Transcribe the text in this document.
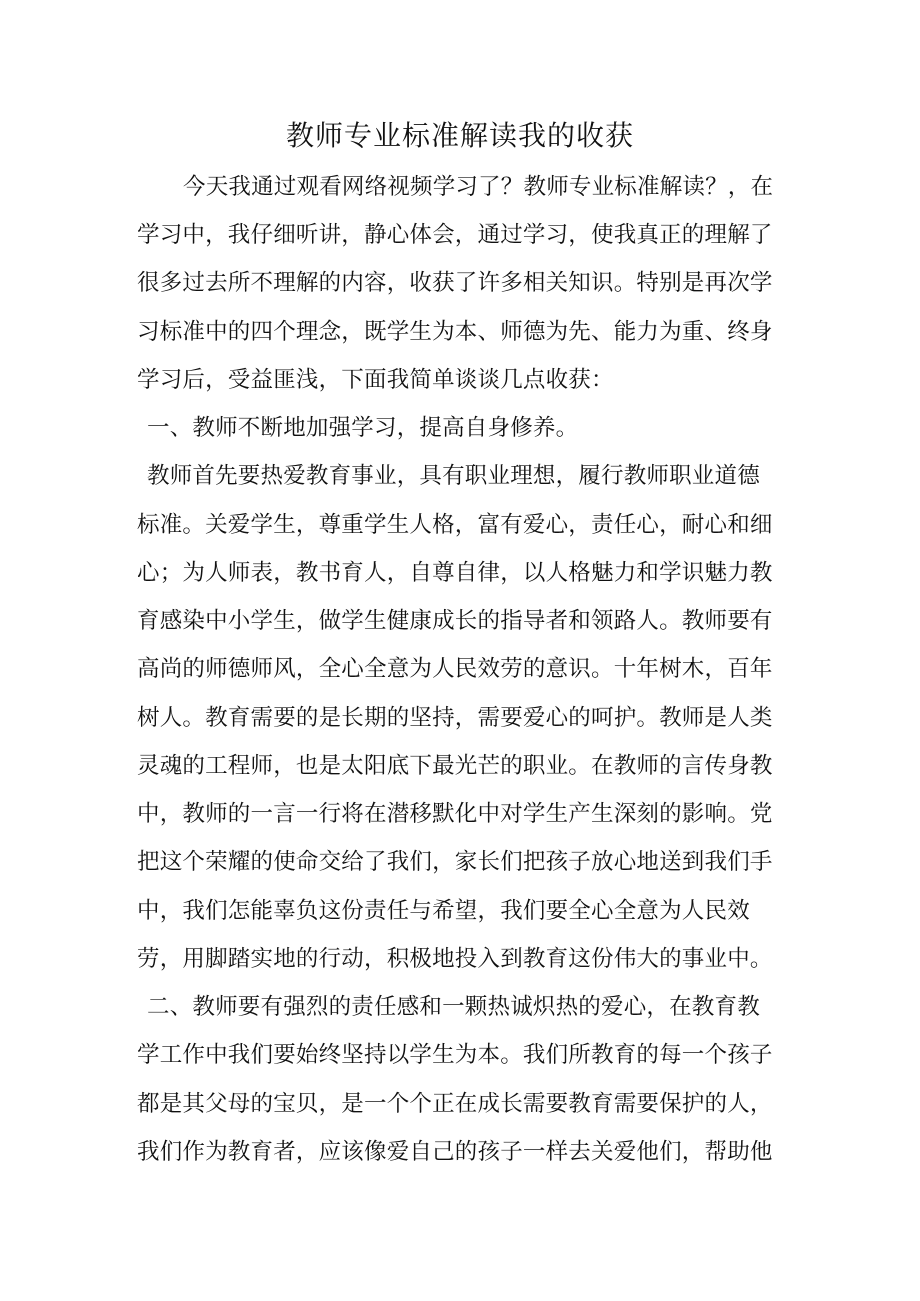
教师专业标准解读我的收获
今天我通过观看网络视频学习了？教师专业标准解读？，在
学习中，我仔细听讲，静心体会，通过学习，使我真正的理解了
很多过去所不理解的内容，收获了许多相关知识。特别是再次学
习标准中的四个理念，既学生为本、师德为先、能力为重、终身
学习后，受益匪浅，下面我简单谈谈几点收获：
一、教师不断地加强学习，提高自身修养。
教师首先要热爱教育事业，具有职业理想，履行教师职业道德
标准。关爱学生，尊重学生人格，富有爱心，责任心，耐心和细
心；为人师表，教书育人，自尊自律，以人格魅力和学识魅力教
育感染中小学生，做学生健康成长的指导者和领路人。教师要有
高尚的师德师风，全心全意为人民效劳的意识。十年树木，百年
树人。教育需要的是长期的坚持，需要爱心的呵护。教师是人类
灵魂的工程师，也是太阳底下最光芒的职业。在教师的言传身教
中，教师的一言一行将在潜移默化中对学生产生深刻的影响。党
把这个荣耀的使命交给了我们，家长们把孩子放心地送到我们手
中，我们怎能辜负这份责任与希望，我们要全心全意为人民效
劳，用脚踏实地的行动，积极地投入到教育这份伟大的事业中。
二、教师要有强烈的责任感和一颗热诚炽热的爱心，在教育教
学工作中我们要始终坚持以学生为本。我们所教育的每一个孩子
都是其父母的宝贝，是一个个正在成长需要教育需要保护的人，
我们作为教育者，应该像爱自己的孩子一样去关爱他们，帮助他
